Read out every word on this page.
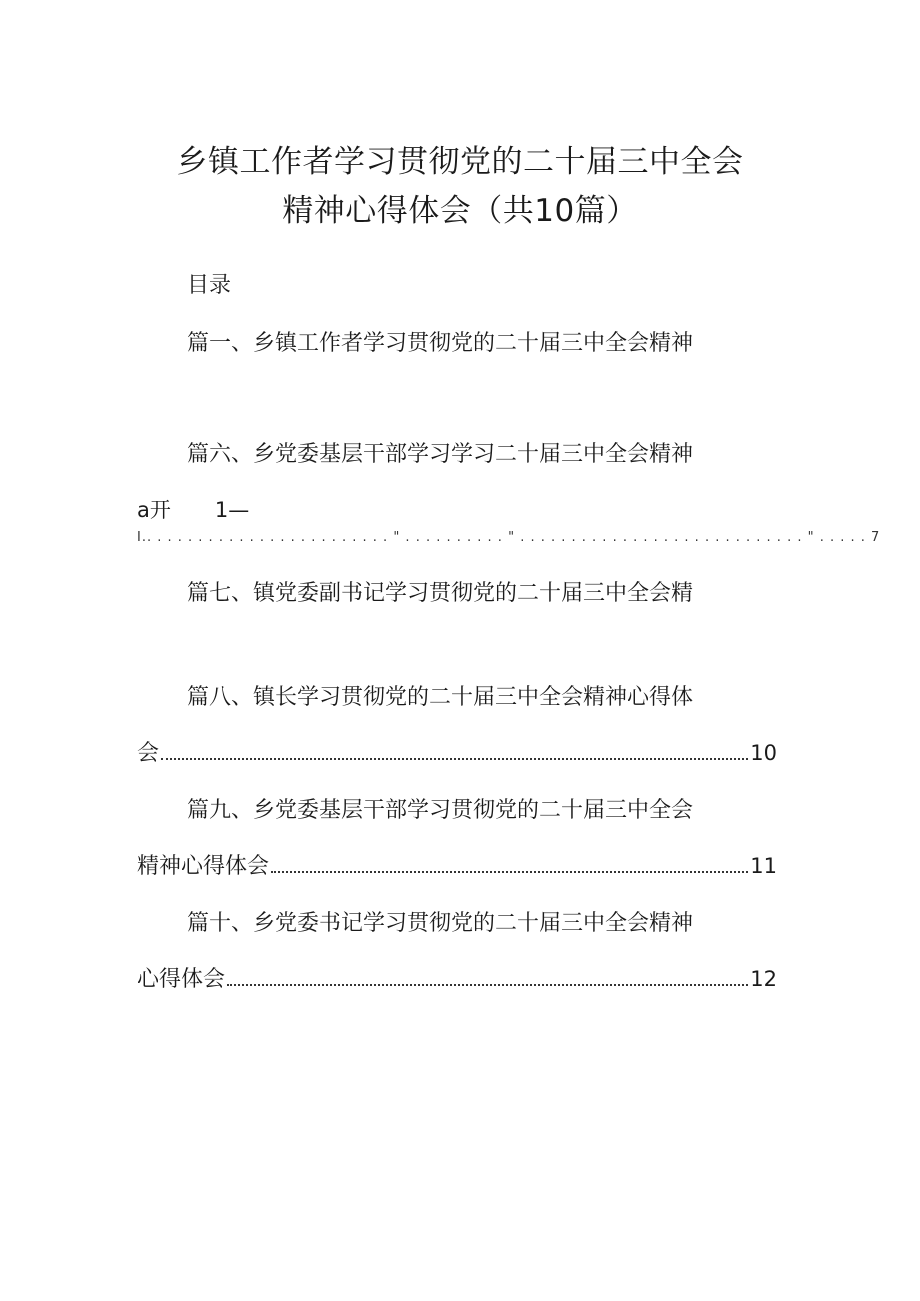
乡镇工作者学习贯彻党的二十届三中全会
精神心得体会（共10篇）
目录
篇一、乡镇工作者学习贯彻党的二十届三中全会精神
篇六、乡党委基层干部学习学习二十届三中全会精神
a开 1—
I.. . . . . . . . . . . . . . . . . . . . . . . . " . . . . . . . . . . " . . . . . . . . . . . . . . . . . . . . . . . . . . . . " . . . . . 7
篇七、镇党委副书记学习贯彻党的二十届三中全会精
篇八、镇长学习贯彻党的二十届三中全会精神心得体
会	10
篇九、乡党委基层干部学习贯彻党的二十届三中全会
精神心得体会	11
篇十、乡党委书记学习贯彻党的二十届三中全会精神
心得体会	12
